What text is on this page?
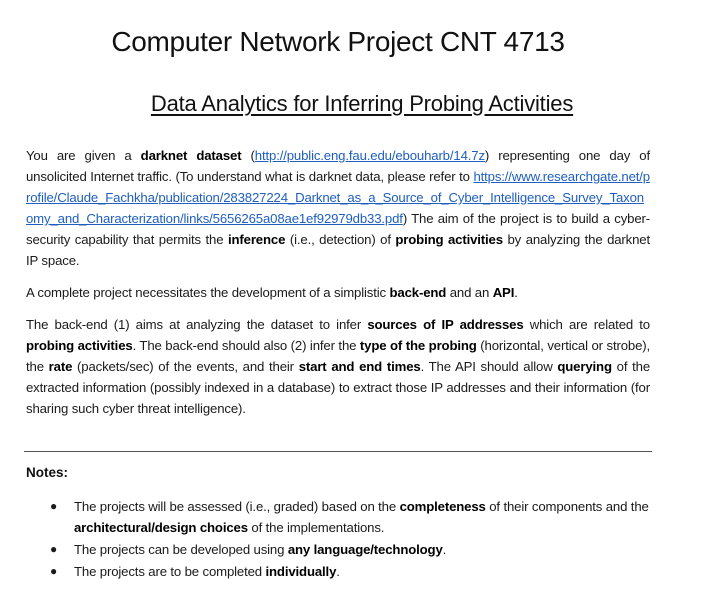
Computer Network Project CNT 4713
Data Analytics for Inferring Probing Activities

You are given a darknet dataset (http://public.eng.fau.edu/ebouharb/14.7z) representing one day of unsolicited Internet traffic. (To understand what is darknet data, please refer to https://www.researchgate.net/profile/Claude_Fachkha/publication/283827224_Darknet_as_a_Source_of_Cyber_Intelligence_Survey_Taxonomy_and_Characterization/links/5656265a08ae1ef92979db33.pdf) The aim of the project is to build a cyber-security capability that permits the inference (i.e., detection) of probing activities by analyzing the darknet IP space.

A complete project necessitates the development of a simplistic back-end and an API.

The back-end (1) aims at analyzing the dataset to infer sources of IP addresses which are related to probing activities. The back-end should also (2) infer the type of the probing (horizontal, vertical or strobe), the rate (packets/sec) of the events, and their start and end times. The API should allow querying of the extracted information (possibly indexed in a database) to extract those IP addresses and their information (for sharing such cyber threat intelligence).

Notes:

● The projects will be assessed (i.e., graded) based on the completeness of their components and the architectural/design choices of the implementations.
● The projects can be developed using any language/technology.
● The projects are to be completed individually.
